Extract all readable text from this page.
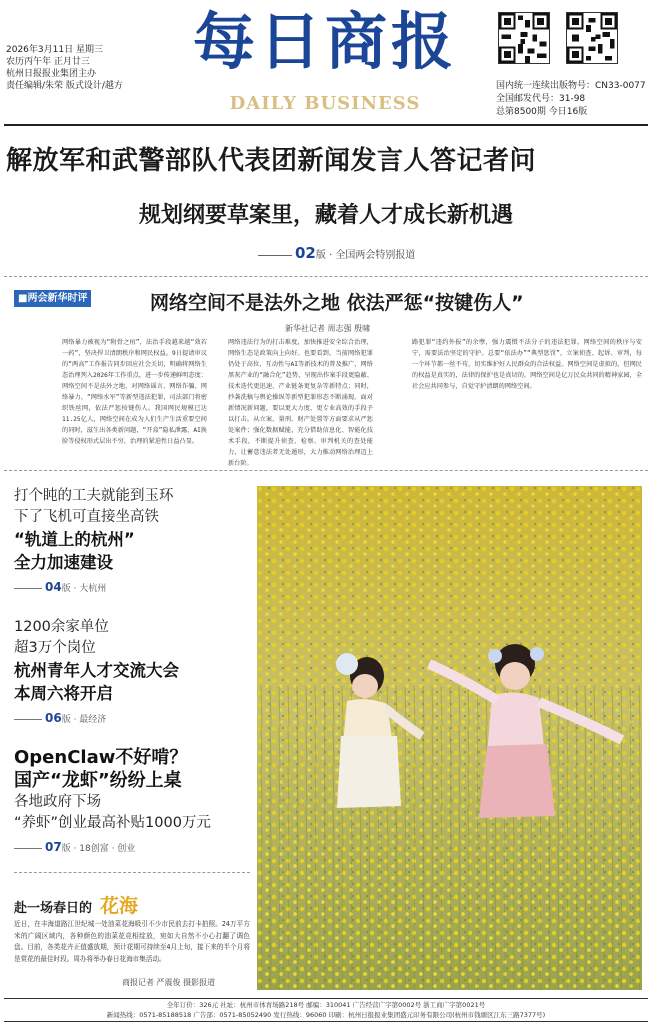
2026年3月11日 星期三
农历丙午年 正月廿三
杭州日报报业集团主办
责任编辑/朱荣 版式设计/越方
每日商报
DAILY BUSINESS
国内统一连续出版物号：CN33-0077
全国邮发代号：31-98
总第8500期 今日16版
解放军和武警部队代表团新闻发言人答记者问
规划纲要草案里，藏着人才成长新机遇
02版 · 全国两会特别报道
■两会新华时评	网络空间不是法外之地 依法严惩“按键伤人”
新华社记者 周志强 殷啸
网络暴力被视为“附骨之疽”，法治手段越来越“效若一药”，坚决捍卫清朗秩序和网民权益。9日提请审议的“两高”工作报告同步回应社会关切，明确将网络生态治理列入2026年工作重点，进一步传递鲜明态度：网络空间不是法外之地，对网络谣言、网络诈骗、网络暴力、“网络水军”等新型违法犯罪，司法部门将密织铁丝网，依法严惩按键伤人。我国网民规模已达11.25亿人，网络空间在成为人们生产生活重要空间的同时，滋生出各类新问题，“开盒”隐私泄露、AI换脸等侵权形式层出不穷，治理的紧迫性日益凸显。
网络违法行为的打击难度，加快推进安全综合治理，网络生态是政策向上向好。也要看到，当前网络犯罪仍处于高位，互动性与AI等新技术的普及推广，网络黑灰产业的“融合化”趋势，呈现出作案手段更隐蔽、技术迭代更迅速、产业链条更复杂等新特点；同时，抄袭洗稿与舆论操纵等新型犯罪形态不断涌现。面对新情况新问题，要以更大力度、更专业高效的手段予以打击。从立案、量刑、财产处置等方面要求从严惩处案件；强化数据赋能，充分借助信息化、智能化技术手段，不断提升侦查、检察、审判机关的查处能力，让蓄意违法者无处遁形，大力推动网络治理迈上新台阶。
路犯罪“违约外报”的余孽，强力震慑不法分子的违法犯罪。网络空间的秩序与安宁，需要法治坚定的守护。总要“依法办”“典型惩罚”，立案侦查、起诉、审判，每一个环节都一丝不苟，切实维护好人民群众的合法权益。网络空间是虚拟的，但网民的权益是真实的，法律的保护也是真切的。网络空间是亿万民众共同的精神家园，全社会应共同参与，自觉守护清朗的网络空间。
打个盹的工夫就能到玉环
下了飞机可直接坐高铁
“轨道上的杭州”
全力加速建设
04版 · 大杭州
1200余家单位
超3万个岗位
杭州青年人才交流大会
本周六将开启
06版 · 最经济
OpenClaw不好啃？
国产“龙虾”纷纷上桌
各地政府下场
“养虾”创业最高补贴1000万元
07版 · 18创富 · 创业
赴一场春日的 花海
近日，在丰海道路江世纪城一处油菜花海吸引不少市民前去打卡拍照。24万平方米的广阔区域内，各种颜色的油菜花竞相绽放，宛如大自然不小心打翻了调色盘。目前，各类花卉正值盛放期，预计花期可持续至4月上旬，接下来的半个月将是赏花的最佳时段。周办将举办春日花海市集活动。
商报记者 严震俊 摄影报道
全年订价：326元 社址：杭州市体育场路218号 邮编：310041 广告经营广字第0002号 浙工商广字第0021号
新闻热线：0571-85188518 广告部：0571-85052490 发行热线：96060 印刷：杭州日报报业集团盛元印务有限公司(杭州市钱塘区江东三路7377号)
